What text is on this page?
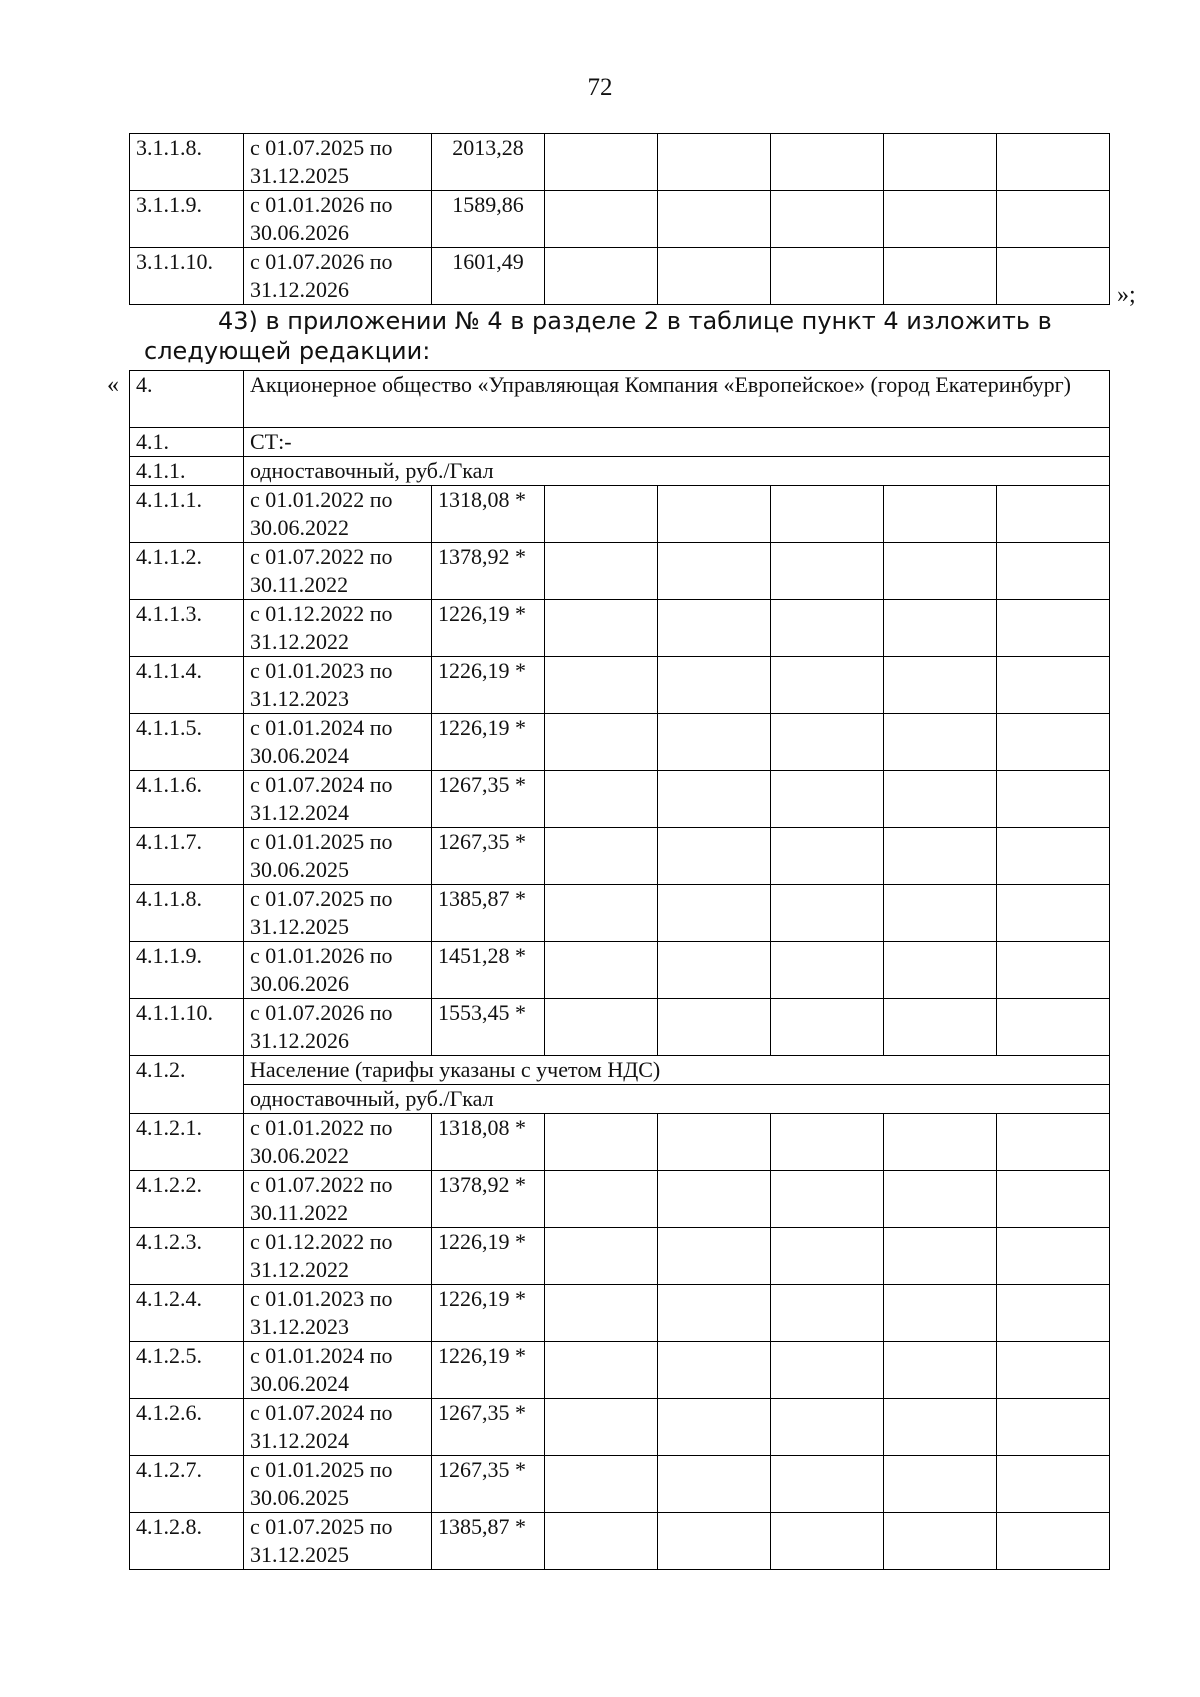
72
3.1.1.8.	с 01.07.2025 по 31.12.2025	2013,28					
3.1.1.9.	с 01.01.2026 по 30.06.2026	1589,86					
3.1.1.10.	с 01.07.2026 по 31.12.2026	1601,49					
»;
43) в приложении № 4 в разделе 2 в таблице пункт 4 изложить в следующей редакции:
« 4.	Акционерное общество «Управляющая Компания «Европейское» (город Екатеринбург)						
4.1.	СТ:-						
4.1.1.	одноставочный, руб./Гкал						
4.1.1.1.	с 01.01.2022 по 30.06.2022	1318,08 *					
4.1.1.2.	с 01.07.2022 по 30.11.2022	1378,92 *					
4.1.1.3.	с 01.12.2022 по 31.12.2022	1226,19 *					
4.1.1.4.	с 01.01.2023 по 31.12.2023	1226,19 *					
4.1.1.5.	с 01.01.2024 по 30.06.2024	1226,19 *					
4.1.1.6.	с 01.07.2024 по 31.12.2024	1267,35 *					
4.1.1.7.	с 01.01.2025 по 30.06.2025	1267,35 *					
4.1.1.8.	с 01.07.2025 по 31.12.2025	1385,87 *					
4.1.1.9.	с 01.01.2026 по 30.06.2026	1451,28 *					
4.1.1.10.	с 01.07.2026 по 31.12.2026	1553,45 *					
4.1.2.	Население (тарифы указаны с учетом НДС)						
	одноставочный, руб./Гкал						
4.1.2.1.	с 01.01.2022 по 30.06.2022	1318,08 *					
4.1.2.2.	с 01.07.2022 по 30.11.2022	1378,92 *					
4.1.2.3.	с 01.12.2022 по 31.12.2022	1226,19 *					
4.1.2.4.	с 01.01.2023 по 31.12.2023	1226,19 *					
4.1.2.5.	с 01.01.2024 по 30.06.2024	1226,19 *					
4.1.2.6.	с 01.07.2024 по 31.12.2024	1267,35 *					
4.1.2.7.	с 01.01.2025 по 30.06.2025	1267,35 *					
4.1.2.8.	с 01.07.2025 по 31.12.2025	1385,87 *					
